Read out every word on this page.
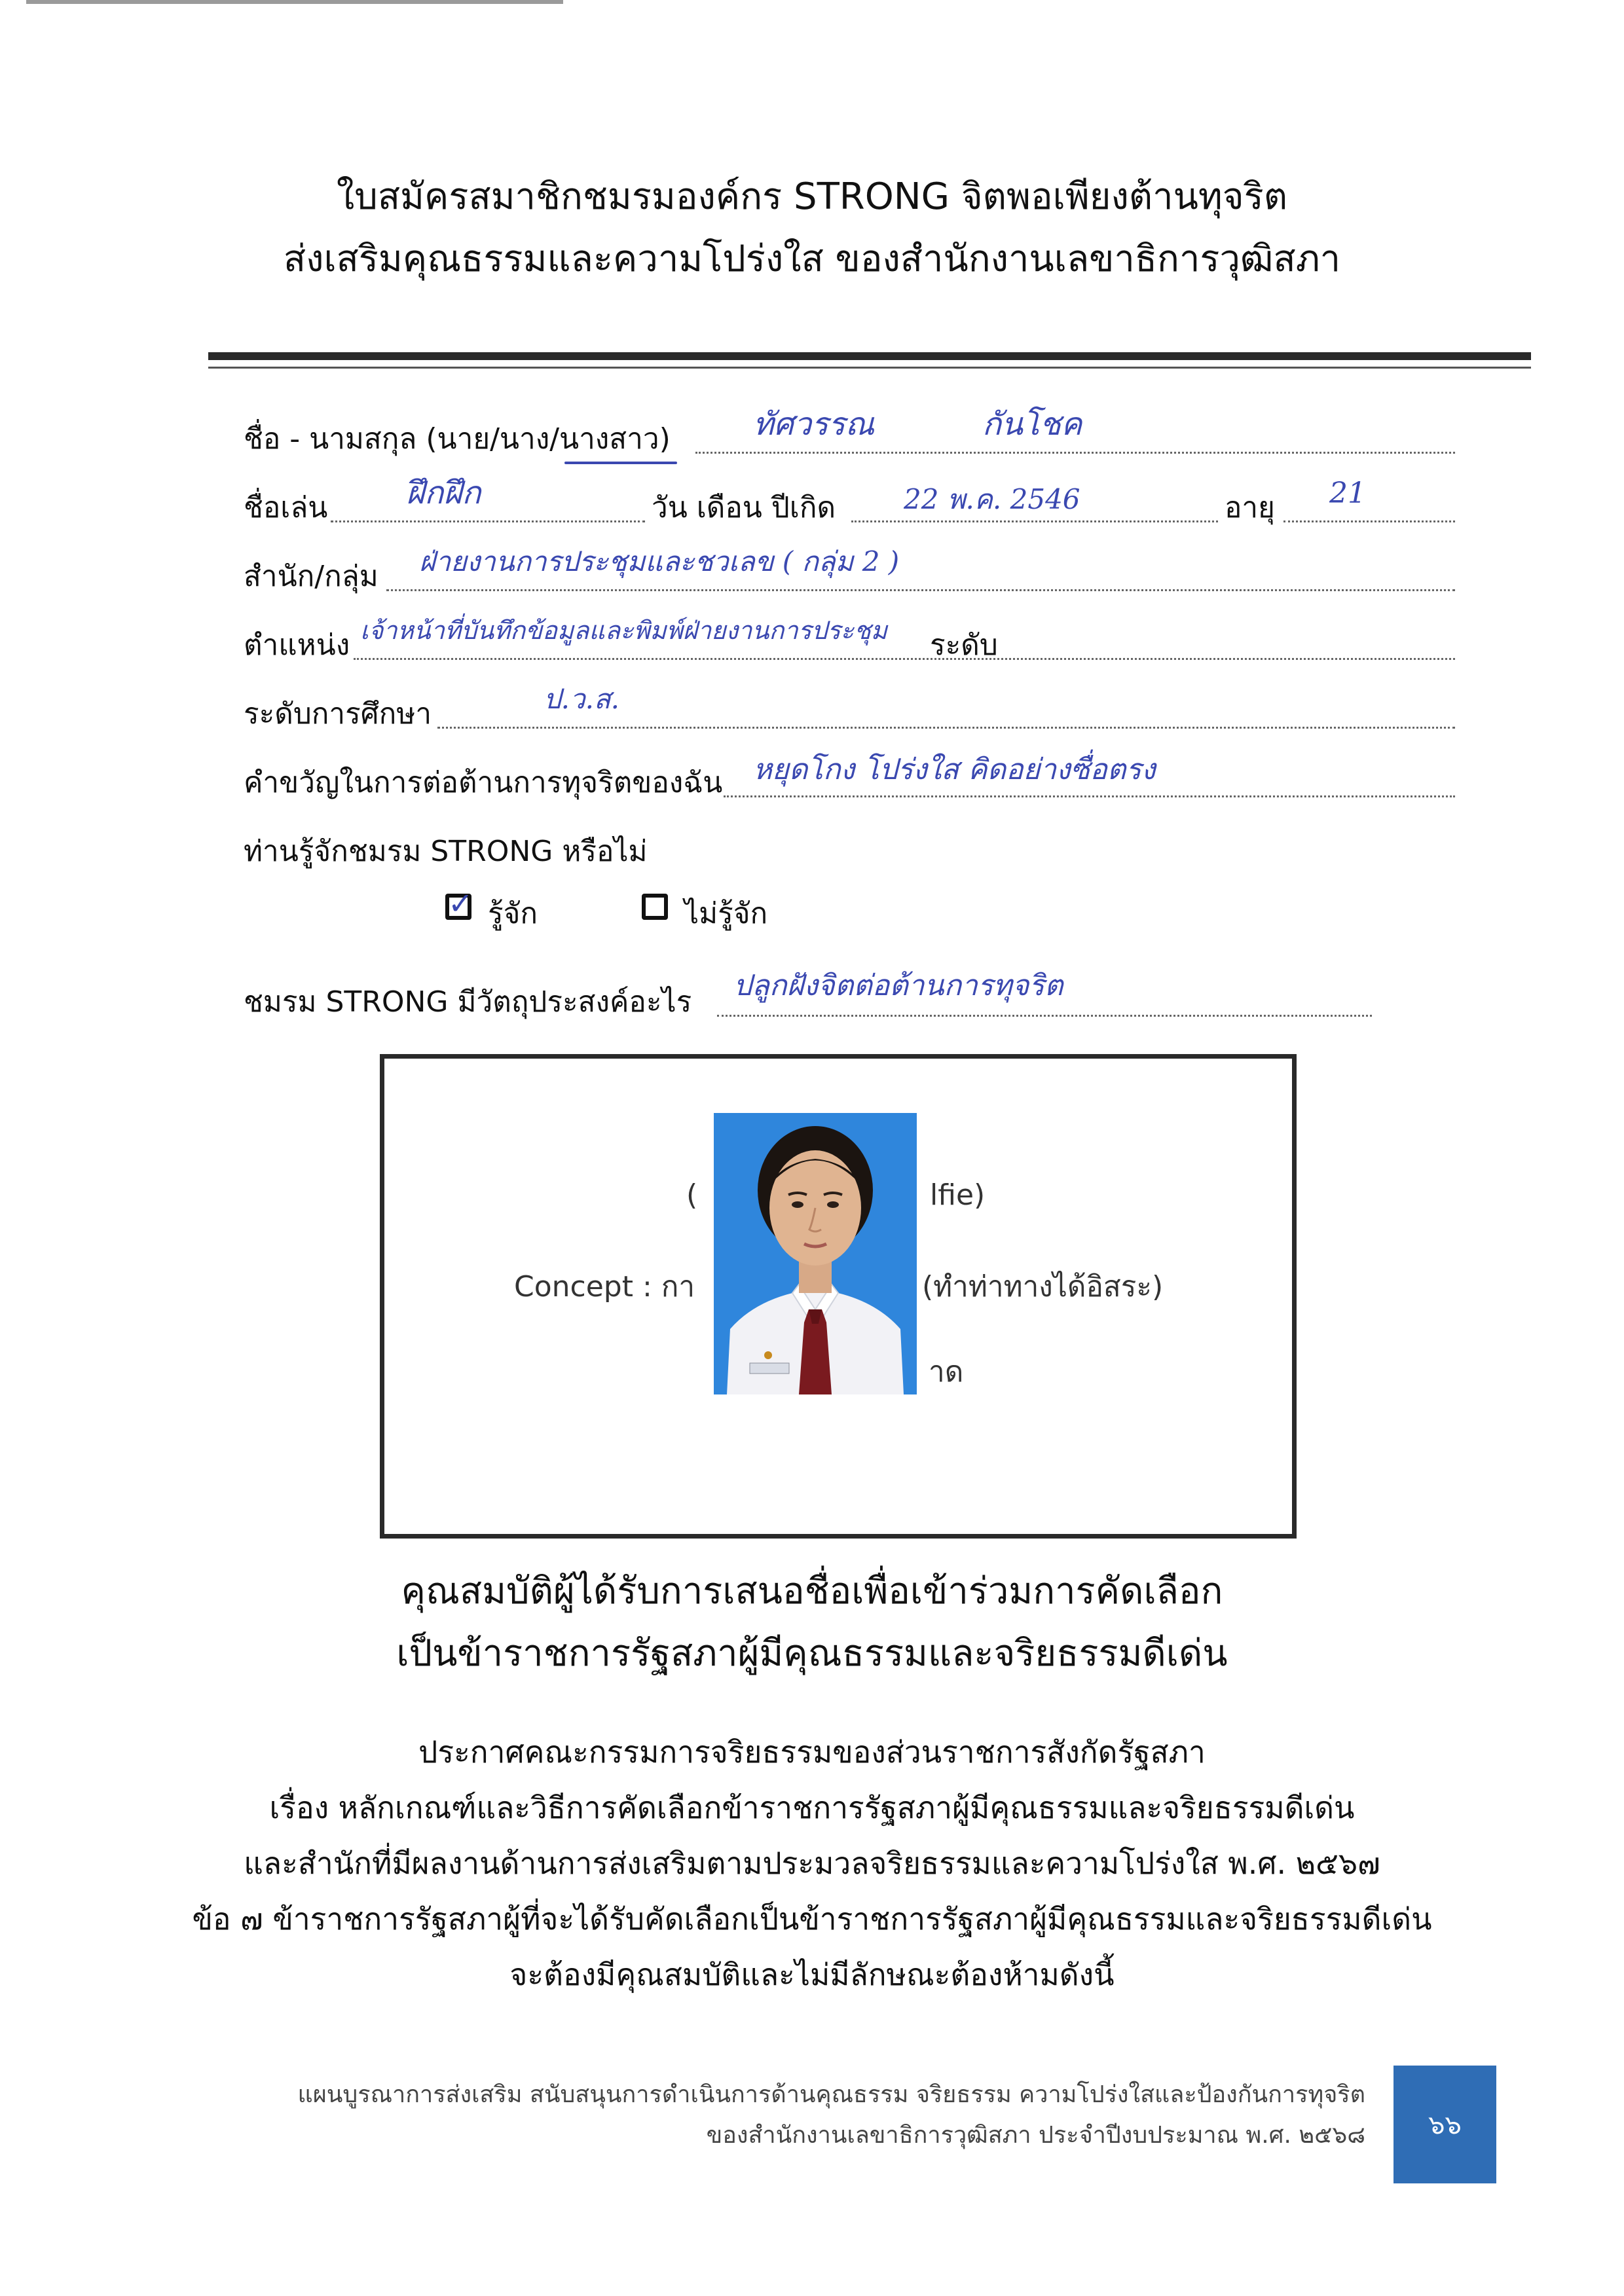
ใบสมัครสมาชิกชมรมองค์กร STRONG จิตพอเพียงต้านทุจริต
ส่งเสริมคุณธรรมและความโปร่งใส ของสำนักงานเลขาธิการวุฒิสภา
ชื่อ - นามสกุล (นาย/นาง/นางสาว)	ทัศวรรณ	กันโชค
ชื่อเล่น ฝึกฝึก	วัน เดือน ปีเกิด 22 พ.ค. 2546	อายุ 21
สำนัก/กลุ่ม ฝ่ายงานการประชุมและชวเลข ( กลุ่ม 2 )
ตำแหน่ง เจ้าหน้าที่บันทึกข้อมูลและพิมพ์ฝ่ายงานการประชุม ระดับ
ระดับการศึกษา	ป.ว.ส.
คำขวัญในการต่อต้านการทุจริตของฉัน หยุดโกง โปร่งใส คิดอย่างซื่อตรง
ท่านรู้จักชมรม STRONG หรือไม่
✓ รู้จัก	ไม่รู้จัก
ชมรม STRONG มีวัตถุประสงค์อะไร ปลูกฝังจิตต่อต้านการทุจริต
(	lfie)
Concept : กา	(ทำท่าทางได้อิสระ)
าด
คุณสมบัติผู้ได้รับการเสนอชื่อเพื่อเข้าร่วมการคัดเลือก
เป็นข้าราชการรัฐสภาผู้มีคุณธรรมและจริยธรรมดีเด่น
ประกาศคณะกรรมการจริยธรรมของส่วนราชการสังกัดรัฐสภา
เรื่อง หลักเกณฑ์และวิธีการคัดเลือกข้าราชการรัฐสภาผู้มีคุณธรรมและจริยธรรมดีเด่น
และสำนักที่มีผลงานด้านการส่งเสริมตามประมวลจริยธรรมและความโปร่งใส พ.ศ. ๒๕๖๗
ข้อ ๗ ข้าราชการรัฐสภาผู้ที่จะได้รับคัดเลือกเป็นข้าราชการรัฐสภาผู้มีคุณธรรมและจริยธรรมดีเด่น
จะต้องมีคุณสมบัติและไม่มีลักษณะต้องห้ามดังนี้
แผนบูรณาการส่งเสริม สนับสนุนการดำเนินการด้านคุณธรรม จริยธรรม ความโปร่งใสและป้องกันการทุจริต
ของสำนักงานเลขาธิการวุฒิสภา ประจำปีงบประมาณ พ.ศ. ๒๕๖๘ ๖๖
